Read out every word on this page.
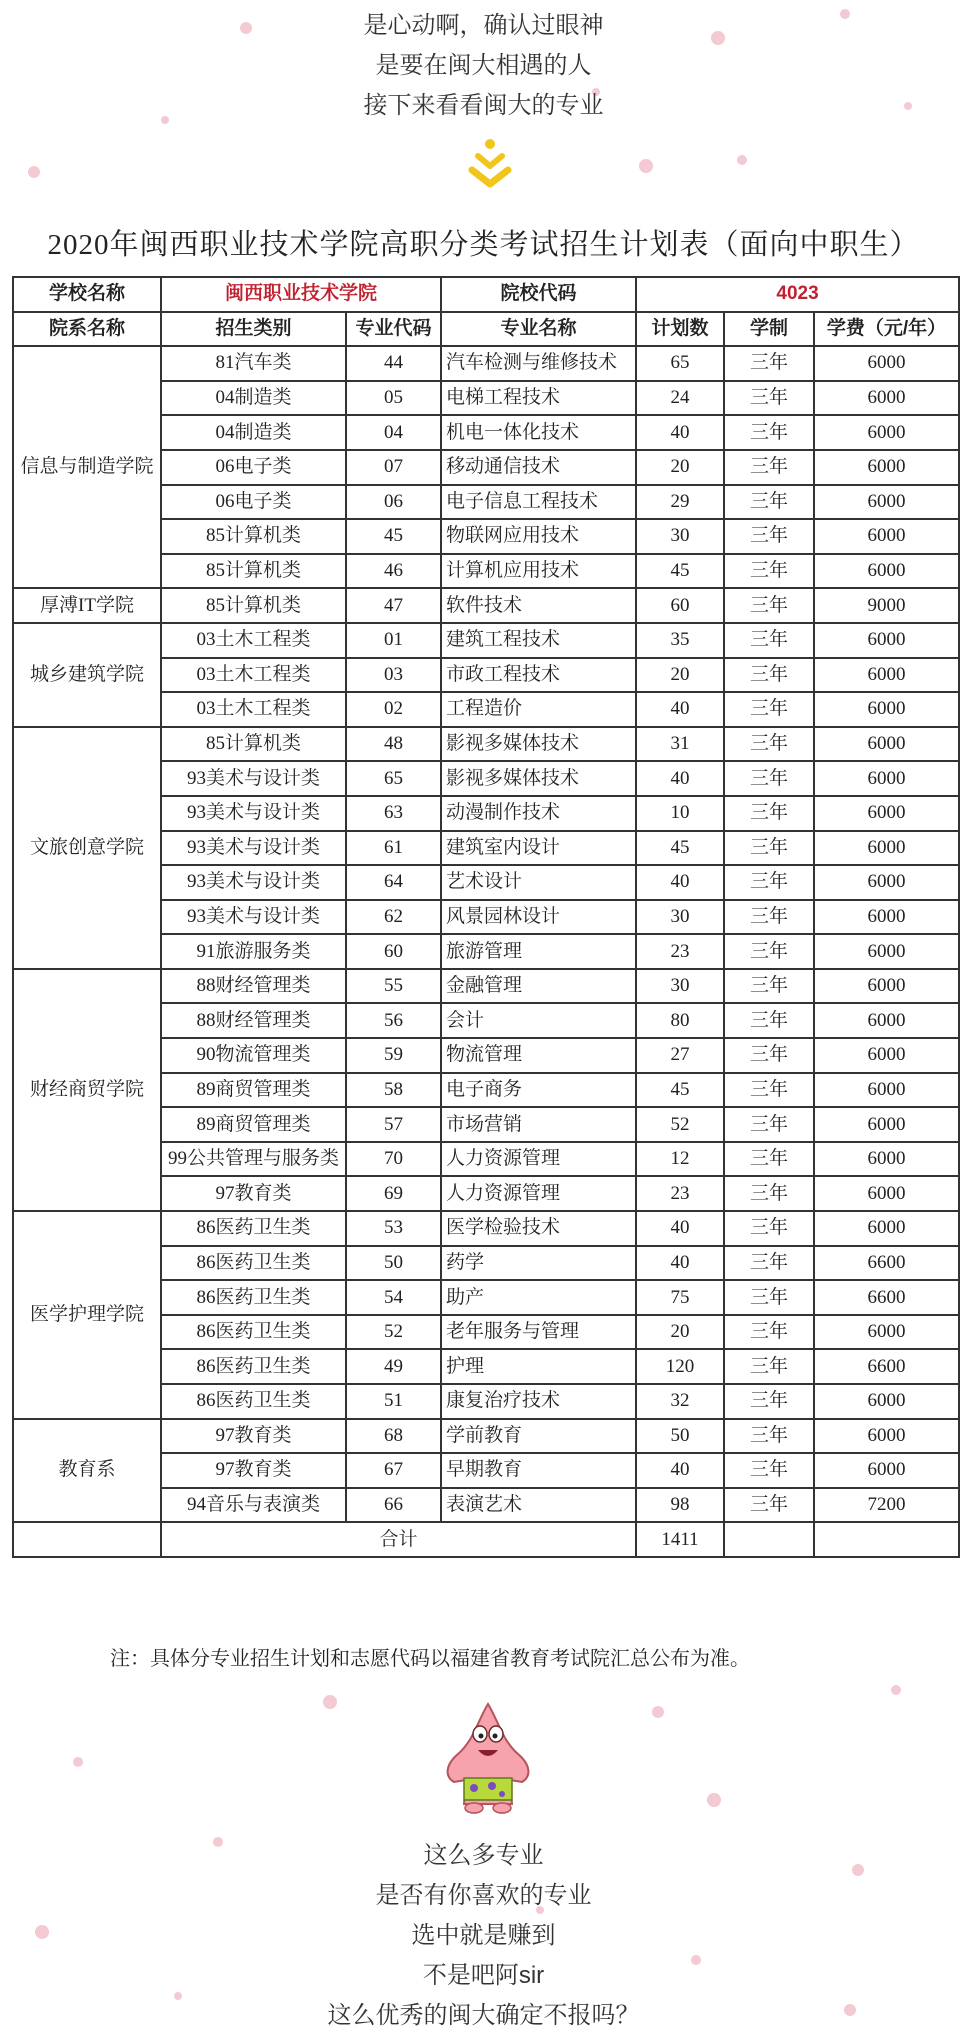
是心动啊，确认过眼神
是要在闽大相遇的人
接下来看看闽大的专业
2020年闽西职业技术学院高职分类考试招生计划表（面向中职生）
学校名称	闽西职业技术学院		院校代码	4023		
院系名称	招生类别	专业代码	专业名称	计划数	学制	学费（元/年）
信息与制造学院	81汽车类	44	汽车检测与维修技术	65	三年	6000
	04制造类	05	电梯工程技术	24	三年	6000
	04制造类	04	机电一体化技术	40	三年	6000
	06电子类	07	移动通信技术	20	三年	6000
	06电子类	06	电子信息工程技术	29	三年	6000
	85计算机类	45	物联网应用技术	30	三年	6000
	85计算机类	46	计算机应用技术	45	三年	6000
厚溥IT学院	85计算机类	47	软件技术	60	三年	9000
城乡建筑学院	03土木工程类	01	建筑工程技术	35	三年	6000
	03土木工程类	03	市政工程技术	20	三年	6000
	03土木工程类	02	工程造价	40	三年	6000
文旅创意学院	85计算机类	48	影视多媒体技术	31	三年	6000
	93美术与设计类	65	影视多媒体技术	40	三年	6000
	93美术与设计类	63	动漫制作技术	10	三年	6000
	93美术与设计类	61	建筑室内设计	45	三年	6000
	93美术与设计类	64	艺术设计	40	三年	6000
	93美术与设计类	62	风景园林设计	30	三年	6000
	91旅游服务类	60	旅游管理	23	三年	6000
财经商贸学院	88财经管理类	55	金融管理	30	三年	6000
	88财经管理类	56	会计	80	三年	6000
	90物流管理类	59	物流管理	27	三年	6000
	89商贸管理类	58	电子商务	45	三年	6000
	89商贸管理类	57	市场营销	52	三年	6000
	99公共管理与服务类	70	人力资源管理	12	三年	6000
	97教育类	69	人力资源管理	23	三年	6000
医学护理学院	86医药卫生类	53	医学检验技术	40	三年	6000
	86医药卫生类	50	药学	40	三年	6600
	86医药卫生类	54	助产	75	三年	6600
	86医药卫生类	52	老年服务与管理	20	三年	6000
	86医药卫生类	49	护理	120	三年	6600
	86医药卫生类	51	康复治疗技术	32	三年	6000
教育系	97教育类	68	学前教育	50	三年	6000
	97教育类	67	早期教育	40	三年	6000
	94音乐与表演类	66	表演艺术	98	三年	7200
	合计			1411		
注：具体分专业招生计划和志愿代码以福建省教育考试院汇总公布为准。
这么多专业
是否有你喜欢的专业
选中就是赚到
不是吧阿sir
这么优秀的闽大确定不报吗？
